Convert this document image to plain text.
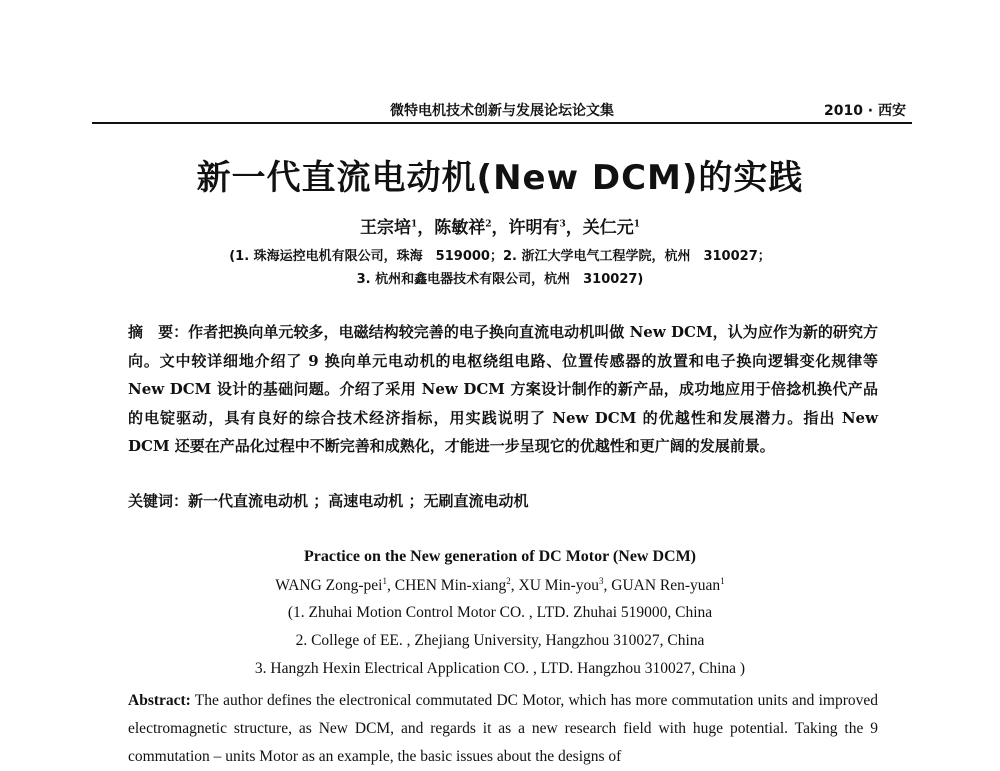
微特电机技术创新与发展论坛论文集	2010 · 西安
新一代直流电动机(New DCM)的实践
王宗培$^1$，陈敏祥$^2$，许明有$^3$，关仁元$^1$
(1. 珠海运控电机有限公司，珠海　519000；2. 浙江大学电气工程学院，杭州　310027；
3. 杭州和鑫电器技术有限公司，杭州　310027)
摘　要：作者把换向单元较多，电磁结构较完善的电子换向直流电动机叫做 New DCM，认为应作为新的研究方向。文中较详细地介绍了 9 换向单元电动机的电枢绕组电路、位置传感器的放置和电子换向逻辑变化规律等 New DCM 设计的基础问题。介绍了采用 New DCM 方案设计制作的新产品，成功地应用于倍捻机换代产品的电锭驱动，具有良好的综合技术经济指标，用实践说明了 New DCM 的优越性和发展潜力。指出 New DCM 还要在产品化过程中不断完善和成熟化，才能进一步呈现它的优越性和更广阔的发展前景。
关键词：新一代直流电动机 ；高速电动机 ；无刷直流电动机
Practice on the New generation of DC Motor (New DCM)
WANG Zong-pei$^1$, CHEN Min-xiang$^2$, XU Min-you$^3$, GUAN Ren-yuan$^1$
(1. Zhuhai Motion Control Motor CO. , LTD. Zhuhai 519000, China
2. College of EE. , Zhejiang University, Hangzhou 310027, China
3. Hangzh Hexin Electrical Application CO. , LTD. Hangzhou 310027, China )
Abstract: The author defines the electronical commutated DC Motor, which has more commutation units and improved electromagnetic structure, as New DCM, and regards it as a new research field with huge potential. Taking the 9 commutation – units Motor as an example, the basic issues about the designs of
